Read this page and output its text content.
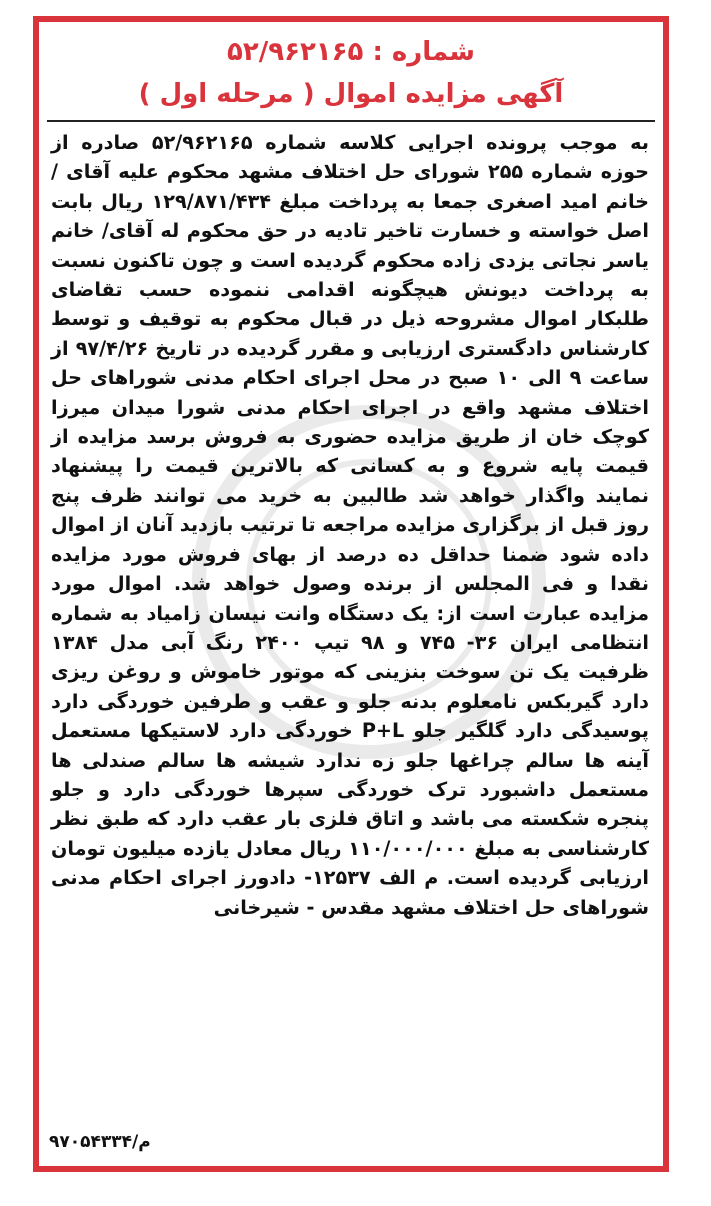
شماره : ۵۲/۹۶۲۱۶۵

آگهی مزایده اموال ( مرحله اول )

به موجب پرونده اجرایی کلاسه شماره ۵۲/۹۶۲۱۶۵ صادره از حوزه شماره ۲۵۵ شورای حل اختلاف مشهد محکوم علیه آقای /خانم امید اصغری جمعا به پرداخت مبلغ ۱۲۹/۸۷۱/۴۳۴ ریال بابت اصل خواسته و خسارت تاخیر تادیه در حق محکوم له آقای/ خانم یاسر نجاتی یزدی زاده محکوم گردیده است و چون تاکنون نسبت به پرداخت دیونش هیچگونه اقدامی ننموده حسب تقاضای طلبکار اموال مشروحه ذیل در قبال محکوم به توقیف و توسط کارشناس دادگستری ارزیابی و مقرر گردیده در تاریخ ۹۷/۴/۲۶ از ساعت ۹ الی ۱۰ صبح در محل اجرای احکام مدنی شوراهای حل اختلاف مشهد واقع در اجرای احکام مدنی شورا میدان میرزا کوچک خان از طریق مزایده حضوری به فروش برسد مزایده از قیمت پایه شروع و به کسانی که بالاترین قیمت را پیشنهاد نمایند واگذار خواهد شد طالبین به خرید می توانند ظرف پنج روز قبل از برگزاری مزایده مراجعه تا ترتیب بازدید آنان از اموال داده شود ضمنا حداقل ده درصد از بهای فروش مورد مزایده نقدا و فی المجلس از برنده وصول خواهد شد. اموال مورد مزایده عبارت است از: یک دستگاه وانت نیسان زامیاد به شماره انتظامی ایران ۳۶- ۷۴۵ و ۹۸ تیپ ۲۴۰۰ رنگ آبی مدل ۱۳۸۴ ظرفیت یک تن سوخت بنزینی که موتور خاموش و روغن ریزی دارد گیربکس نامعلوم بدنه جلو و عقب و طرفین خوردگی دارد پوسیدگی دارد گلگیر جلو P+L خوردگی دارد لاستیکها مستعمل آینه ها سالم چراغها جلو زه ندارد شیشه ها سالم صندلی ها مستعمل داشبورد ترک خوردگی سپرها خوردگی دارد و جلو پنجره شکسته می باشد و اتاق فلزی بار عقب دارد که طبق نظر کارشناسی به مبلغ ۱۱۰/۰۰۰/۰۰۰ ریال معادل یازده میلیون تومان ارزیابی گردیده است. م الف ۱۲۵۳۷- دادورز اجرای احکام مدنی شوراهای حل اختلاف مشهد مقدس - شیرخانی

م/۹۷۰۵۴۳۳۴
